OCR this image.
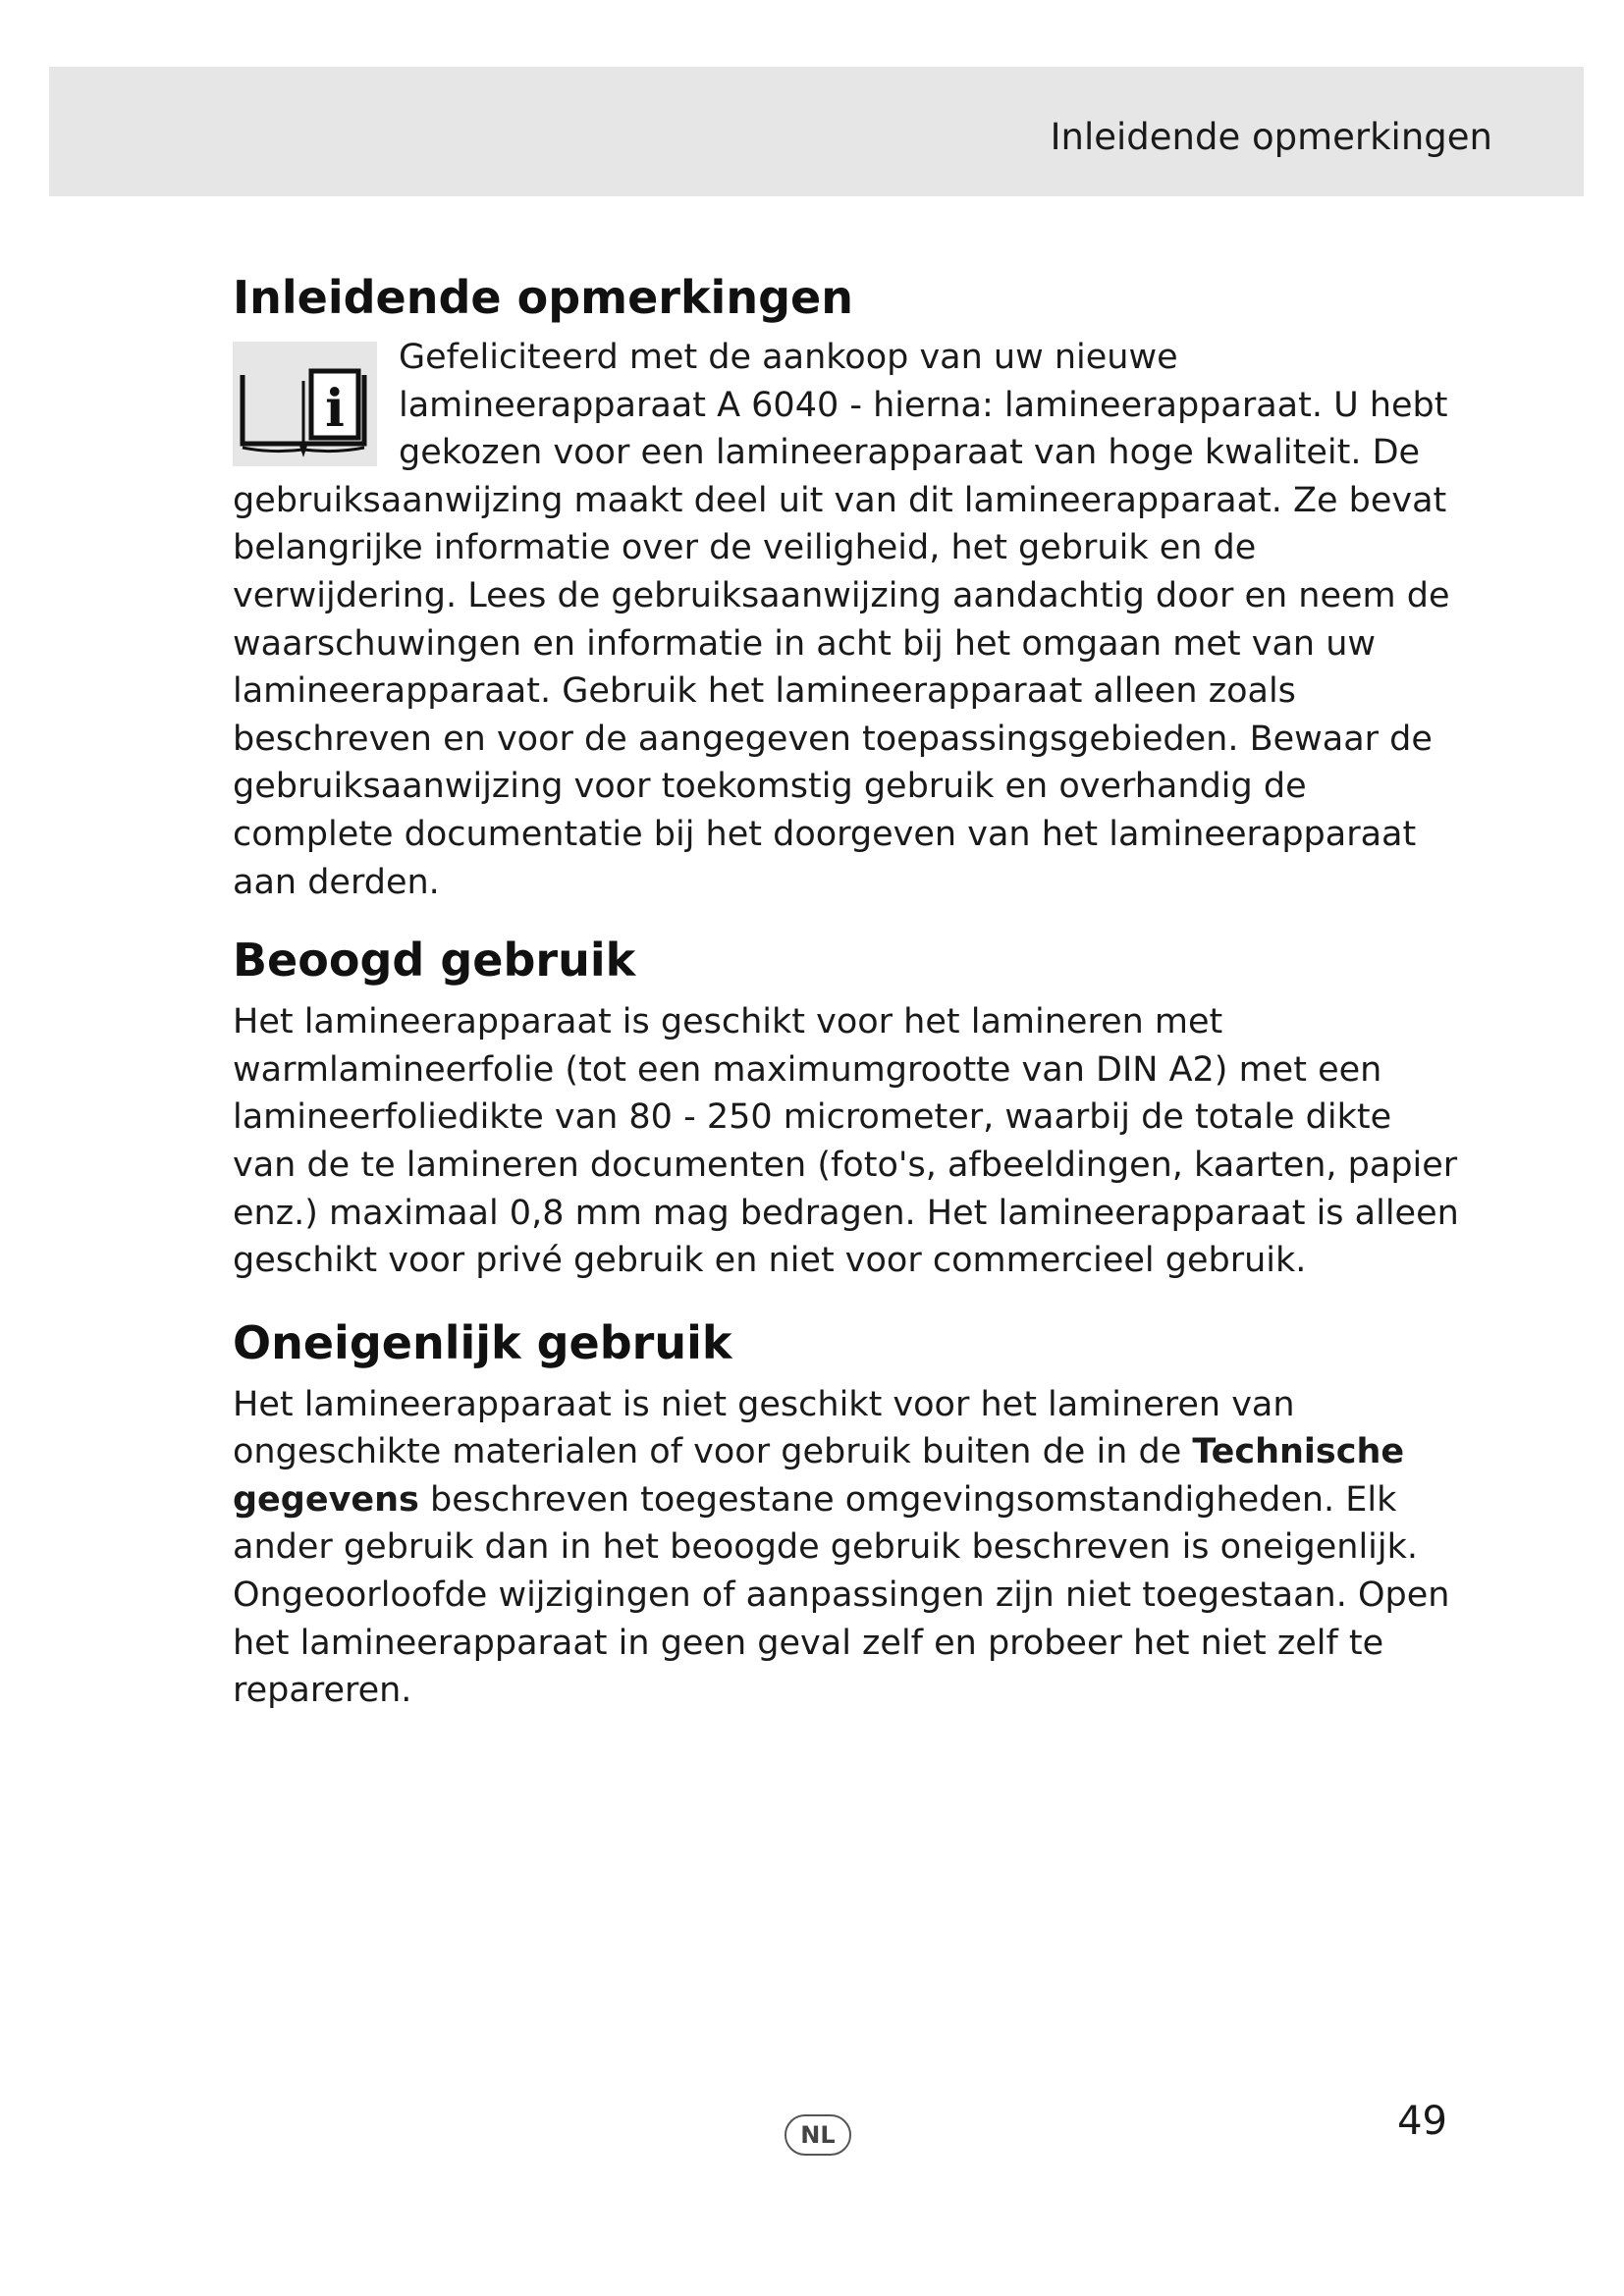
Inleidende opmerkingen
Inleidende opmerkingen
i

Gefeliciteerd met de aankoop van uw nieuwe lamineerapparaat A 6040 - hierna: lamineerapparaat. U hebt gekozen voor een lamineerapparaat van hoge kwaliteit. De gebruiksaanwijzing maakt deel uit van dit lamineerapparaat. Ze bevat belangrijke informatie over de veiligheid, het gebruik en de verwijdering. Lees de gebruiksaanwijzing aandachtig door en neem de waarschuwingen en informatie in acht bij het omgaan met van uw lamineerapparaat. Gebruik het lamineerapparaat alleen zoals beschreven en voor de aangegeven toepassingsgebieden. Bewaar de gebruiksaanwijzing voor toekomstig gebruik en overhandig de complete documentatie bij het doorgeven van het lamineerapparaat aan derden.

Beoogd gebruik

Het lamineerapparaat is geschikt voor het lamineren met warmlamineerfolie (tot een maximumgrootte van DIN A2) met een lamineerfoliedikte van 80 - 250 micrometer, waarbij de totale dikte van de te lamineren documenten (foto's, afbeeldingen, kaarten, papier enz.) maximaal 0,8 mm mag bedragen. Het lamineerapparaat is alleen geschikt voor privé gebruik en niet voor commercieel gebruik.

Oneigenlijk gebruik

Het lamineerapparaat is niet geschikt voor het lamineren van ongeschikte materialen of voor gebruik buiten de in de Technische gegevens beschreven toegestane omgevingsomstandigheden. Elk ander gebruik dan in het beoogde gebruik beschreven is oneigenlijk. Ongeoorloofde wijzigingen of aanpassingen zijn niet toegestaan. Open het lamineerapparaat in geen geval zelf en probeer het niet zelf te repareren.

NL	49
